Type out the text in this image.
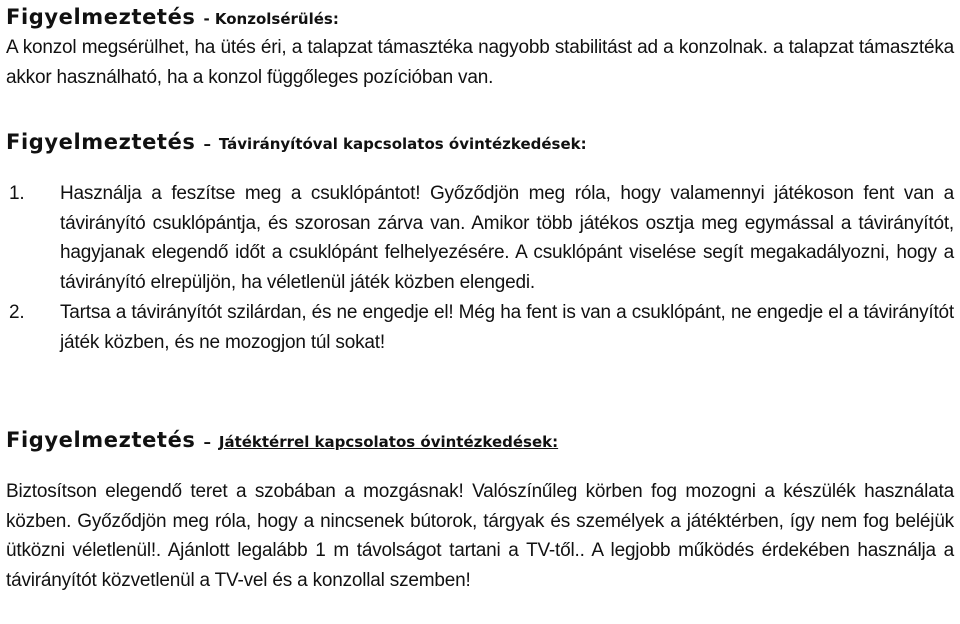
Figyelmeztetés - Konzolsérülés:

A konzol megsérülhet, ha ütés éri, a talapzat támasztéka nagyobb stabilitást ad a konzolnak. a talapzat támasztéka akkor használható, ha a konzol függőleges pozícióban van.

Figyelmeztetés – Távirányítóval kapcsolatos óvintézkedések:
1. Használja a feszítse meg a csuklópántot! Győződjön meg róla, hogy valamennyi játékoson fent van a távirányító csuklópántja, és szorosan zárva van. Amikor több játékos osztja meg egymással a távirányítót, hagyjanak elegendő időt a csuklópánt felhelyezésére. A csuklópánt viselése segít megakadályozni, hogy a távirányító elrepüljön, ha véletlenül játék közben elengedi.
2. Tartsa a távirányítót szilárdan, és ne engedje el! Még ha fent is van a csuklópánt, ne engedje el a távirányítót játék közben, és ne mozogjon túl sokat!
Figyelmeztetés – Játéktérrel kapcsolatos óvintézkedések:

Biztosítson elegendő teret a szobában a mozgásnak! Valószínűleg körben fog mozogni a készülék használata közben. Győződjön meg róla, hogy a nincsenek bútorok, tárgyak és személyek a játéktérben, így nem fog beléjük ütközni véletlenül!. Ajánlott legalább 1 m távolságot tartani a TV-től.. A legjobb működés érdekében használja a távirányítót közvetlenül a TV-vel és a konzollal szemben!
